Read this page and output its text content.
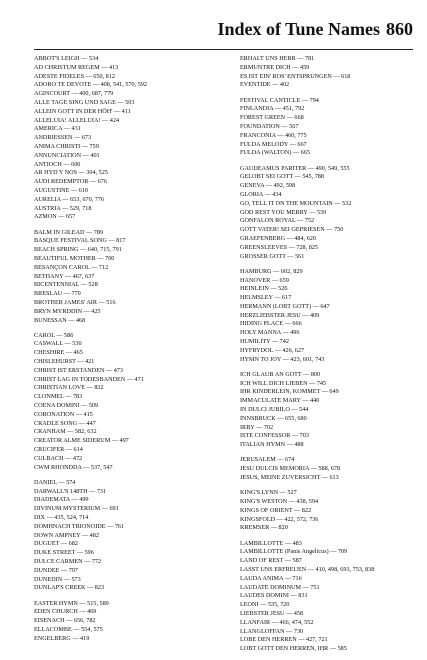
Index of Tune Names 860
ABBOT'S LEIGH — 534
AD CHRISTUM REGEM — 413
ADESTE FIDELES — 650, 812
ADORO TE DEVOTE — 408, 541, 570, 592
AGINCOURT — 400, 687, 779
ALLE TAGE SING UND SAGE — 503
ALLEIN GOTT IN DER HÖH' — 411
ALLELUIA! ALLELUIA! — 424
AMERICA — 431
ANDRIESSEN — 673
ANIMA CHRISTI — 759
ANNUNCIATION — 401
ANTIOCH — 600
AR HYD Y NOS — 304, 525
AUDI REDEMPTOR — 676
AUGUSTINE — 610
AURELIA — 653, 670, 776
AUSTRIA — 529, 718
AZMON — 657
BALM IN GILEAD — 789
BASQUE FESTIVAL SONG — 817
BEACH SPRING — 640, 715, 791
BEAUTIFUL MOTHER — 700
BESANÇON CAROL — 712
BETHANY — 467, 637
BICENTENNIAL — 528
BRESLAU — 770
BROTHER JAMES' AIR — 516
BRYN MYRDDIN — 425
BUNESSAN — 468
CAROL — 586
CASWALL — 530
CHESHIRE — 465
CHISLEHURST — 421
CHRIST IST ERSTANDEN — 473
CHRIST LAG IN TODESBANDEN — 471
CHRISTIAN LOVE — 832
CLONMEL — 783
COENA DOMINI — 509
CORONATION — 415
CRADLE SONG — 447
CRANHAM — 582, 632
CREATOR ALME SIDERUM — 497
CRUCIFER — 614
CULBACH — 472
CWM RHONDDA — 537, 547
DANIEL — 574
DARWALL'S 148TH — 731
DIADEMATA — 499
DIVINUM MYSTERIUM — 691
DIX — 435, 524, 714
DOMHNACH TRIONOIDE — 761
DOWN AMPNEY — 482
DUGUET — 682
DUKE STREET — 596
DULCE CARMEN — 772
DUNDEE — 797
DUNEDIN — 573
DUNLAP'S CREEK — 823
EASTER HYMN — 515, 589
EDEN CHURCH — 469
EISENACH — 656, 782
ELLACOMBE — 554, 575
ENGELBERG — 419
ERHALT UNS HERR — 781
ERMUNTRE DICH — 459
ES IST EIN' ROS' ENTSPRUNGEN — 618
EVENTIDE — 402
FESTIVAL CANTICLE — 794
FINLANDIA — 451, 792
FOREST GREEN — 668
FOUNDATION — 567
FRANCONIA — 460, 775
FULDA MELODY — 667
FULDA (WALTON) — 665
GAUDEAMUS PARITER — 490, 549, 555
GELOBT SEI GOTT — 545, 788
GENEVA — 492, 598
GLORIA — 434
GO, TELL IT ON THE MOUNTAIN — 532
GOD REST YOU MERRY — 539
GONFALON ROYAL — 752
GOTT VATER! SEI GEPRIESEN — 750
GRAEFENBERG — 484, 620
GREENSLEEVES — 728, 825
GROSSER GOTT — 561
HAMBURG — 602, 829
HANOVER — 659
HEINLEIN — 526
HELMSLEY — 617
HERMANN (LOBT GOTT) — 647
HERZLIEBSTER JESU — 409
HIDING PLACE — 666
HOLY MANNA — 496
HUMILITY — 742
HYFRYDOL — 426, 627
HYMN TO JOY — 423, 601, 743
ICH GLAUB AN GOTT — 800
ICH WILL DICH LIEBEN — 745
IHR KINDERLEIN, KOMMET — 649
IMMACULATE MARY — 440
IN DULCI JUBILO — 544
INNSBRUCK — 655, 680
IRBY — 702
ISTE CONFESSOR — 703
ITALIAN HYMN — 488
JERUSALEM — 674
JESU DULCIS MEMORIA — 588, 678
JESUS, MEINE ZUVERSICHT — 613
KING'S LYNN — 527
KING'S WESTON — 438, 594
KINGS OF ORIENT — 822
KINGSFOLD — 422, 572, 736
KREMSER — 820
LAMBILLOTTE — 483
LAMBILLOTTE (Panis Angelicus) — 709
LAND OF REST — 587
LASST UNS ERFREUEN — 410, 498, 693, 753, 838
LAUDA ANIMA — 716
LAUDATE DOMINUM — 751
LAUDES DOMINI — 831
LEONI — 535, 720
LIEBSTER JESU — 458
LLANFAIR — 466, 474, 552
LLANGLOFFAN — 730
LOBE DEN HERREN — 427, 721
LOBT GOTT DEN HERREN, IHR — 585
